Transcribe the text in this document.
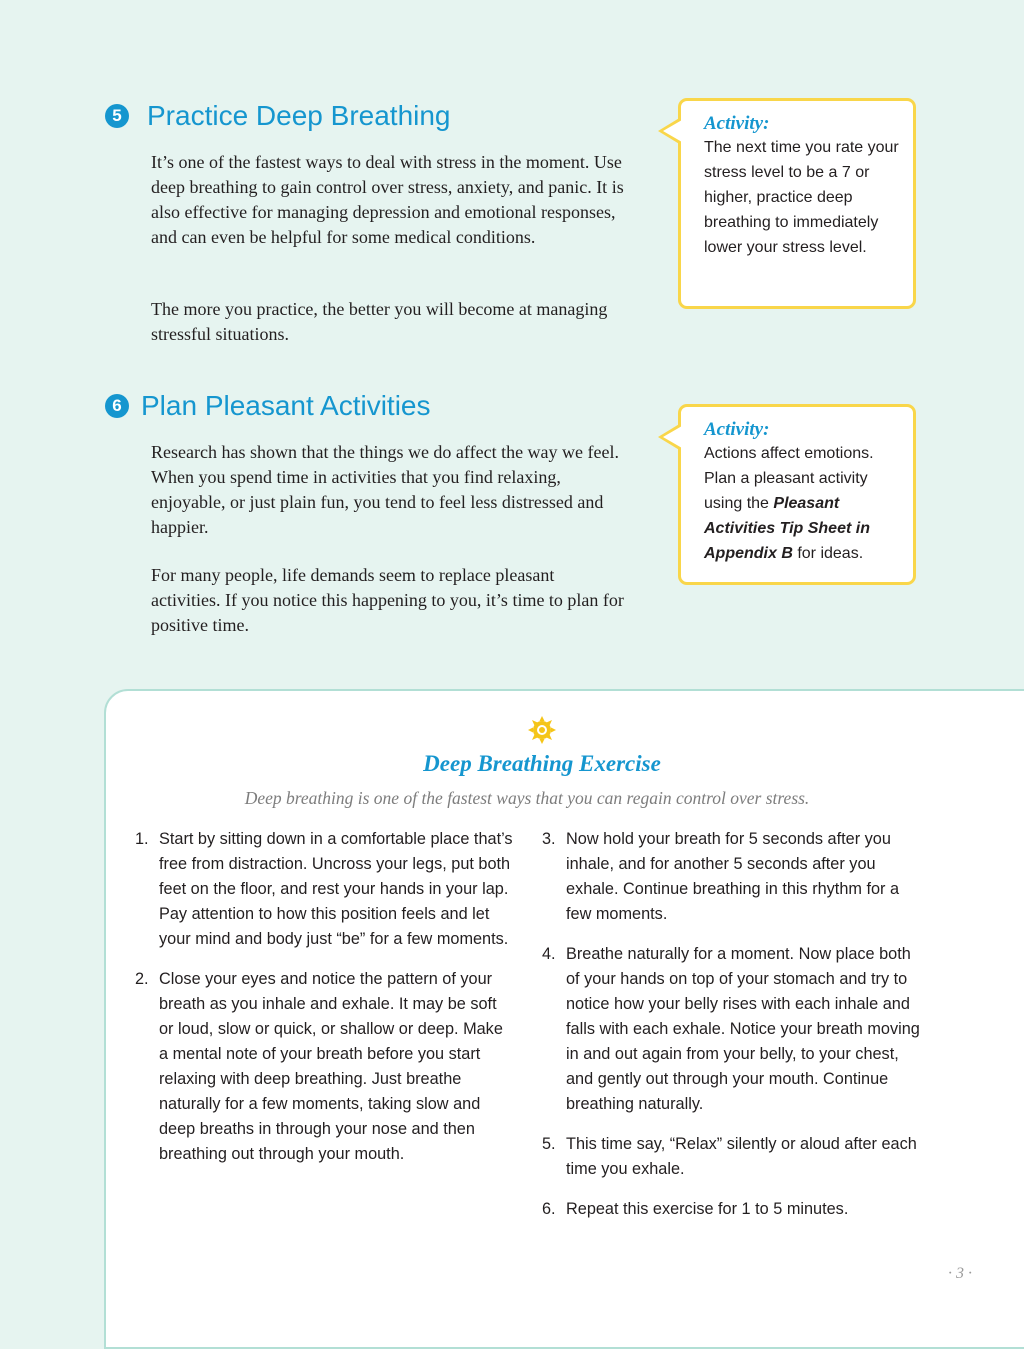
5 Practice Deep Breathing

It’s one of the fastest ways to deal with stress in the moment. Use deep breathing to gain control over stress, anxiety, and panic. It is also effective for managing depression and emotional responses, and can even be helpful for some medical conditions.

The more you practice, the better you will become at managing stressful situations.

Activity:

The next time you rate your stress level to be a 7 or higher, practice deep breathing to immediately lower your stress level.

6 Plan Pleasant Activities

Research has shown that the things we do affect the way we feel. When you spend time in activities that you find relaxing, enjoyable, or just plain fun, you tend to feel less distressed and happier.

For many people, life demands seem to replace pleasant activities. If you notice this happening to you, it’s time to plan for positive time.

Activity:

Actions affect emotions. Plan a pleasant activity using the Pleasant Activities Tip Sheet in Appendix B for ideas.

Deep Breathing Exercise

Deep breathing is one of the fastest ways that you can regain control over stress.

1. Start by sitting down in a comfortable place that’s free from distraction. Uncross your legs, put both feet on the floor, and rest your hands in your lap. Pay attention to how this position feels and let your mind and body just “be” for a few moments.
2. Close your eyes and notice the pattern of your breath as you inhale and exhale. It may be soft or loud, slow or quick, or shallow or deep. Make a mental note of your breath before you start relaxing with deep breathing. Just breathe naturally for a few moments, taking slow and deep breaths in through your nose and then breathing out through your mouth.
3. Now hold your breath for 5 seconds after you inhale, and for another 5 seconds after you exhale. Continue breathing in this rhythm for a few moments.
4. Breathe naturally for a moment. Now place both of your hands on top of your stomach and try to notice how your belly rises with each inhale and falls with each exhale. Notice your breath moving in and out again from your belly, to your chest, and gently out through your mouth. Continue breathing naturally.
5. This time say, “Relax” silently or aloud after each time you exhale.
6. Repeat this exercise for 1 to 5 minutes.
· 3 ·
